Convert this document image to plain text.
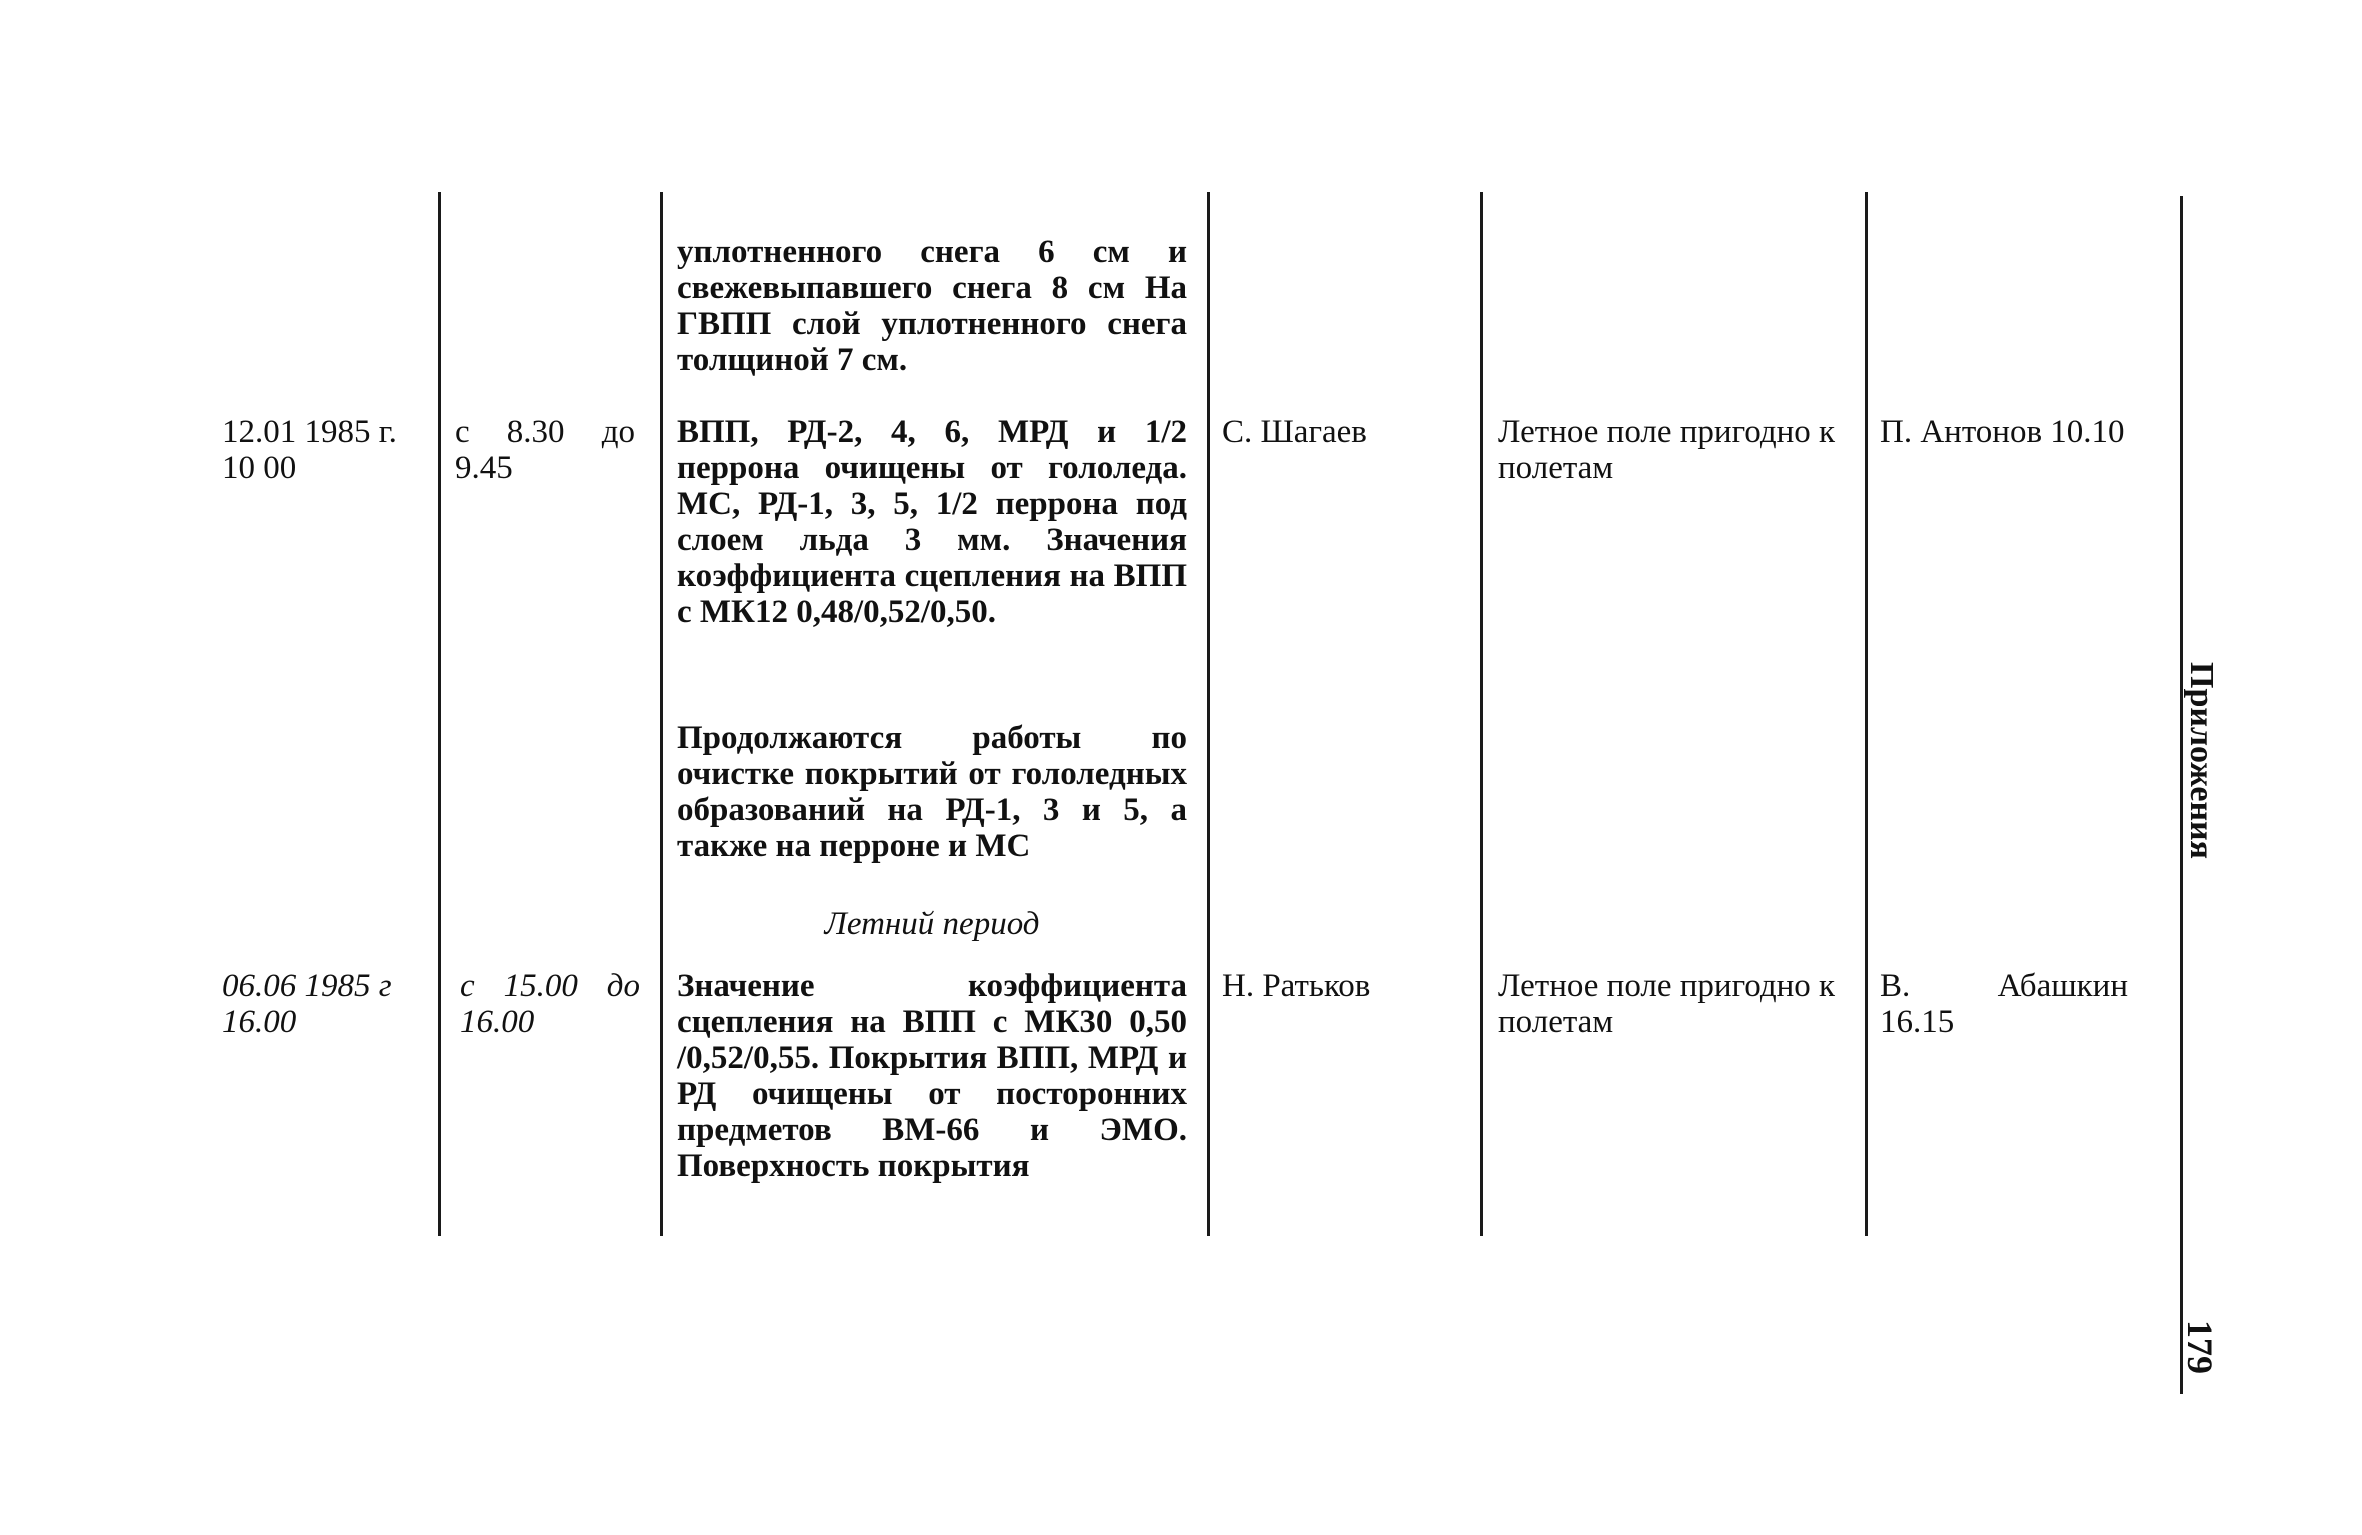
уплотненного снега 6 см и свежевыпавшего снега 8 см На ГВПП слой уплотненного снега толщиной 7 см.

12.01 1985 г. 10 00

с 8.30 до 9.45

ВПП, РД-2, 4, 6, МРД и 1/2 перрона очищены от гололеда. МС, РД-1, 3, 5, 1/2 перрона под слоем льда 3 мм. Значения коэффициента сцепления на ВПП с МК12 0,48/0,52/0,50.

Продолжаются работы по очистке покрытий от гололедных образований на РД-1, 3 и 5, а также на перроне и МС

С. Шагаев	Летное поле пригодно к полетам

П. Антонов 10.10

Летний период

06.06 1985 г 16.00

с 15.00 до 16.00

Значение коэффициента сцепления на ВПП с МК30 0,50 /0,52/0,55. Покрытия ВПП, МРД и РД очищены от посторонних предметов ВМ-66 и ЭМО. Поверхность покрытия

Н. Ратьков	Летное поле пригодно к полетам

В. Абашкин 16.15

Приложения
179
